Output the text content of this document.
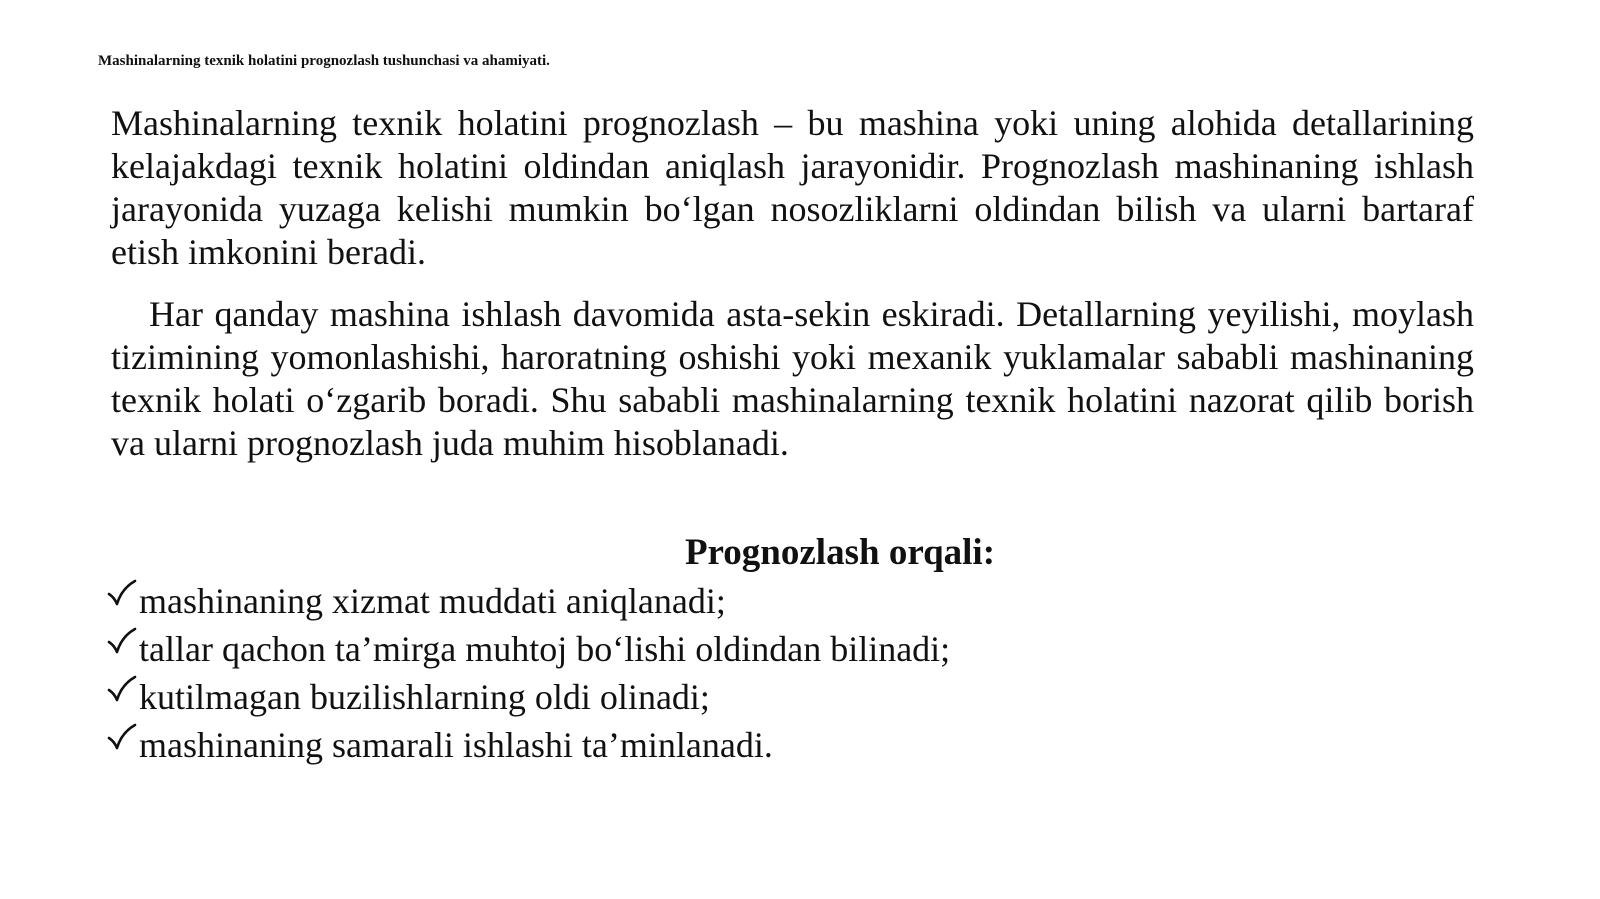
Mashinalarning texnik holatini prognozlash tushunchasi va ahamiyati.

Mashinalarning texnik holatini prognozlash – bu mashina yoki uning alohida detallarining kelajakdagi texnik holatini oldindan aniqlash jarayonidir. Prognozlash mashinaning ishlash jarayonida yuzaga kelishi mumkin bo‘lgan nosozliklarni oldindan bilish va ularni bartaraf etish imkonini beradi.

Har qanday mashina ishlash davomida asta-sekin eskiradi. Detallarning yeyilishi, moylash tizimining yomonlashishi, haroratning oshishi yoki mexanik yuklamalar sababli mashinaning texnik holati o‘zgarib boradi. Shu sababli mashinalarning texnik holatini nazorat qilib borish va ularni prognozlash juda muhim hisoblanadi.

Prognozlash orqali:
mashinaning xizmat muddati aniqlanadi;
tallar qachon ta’mirga muhtoj bo‘lishi oldindan bilinadi;
kutilmagan buzilishlarning oldi olinadi;
mashinaning samarali ishlashi ta’minlanadi.
